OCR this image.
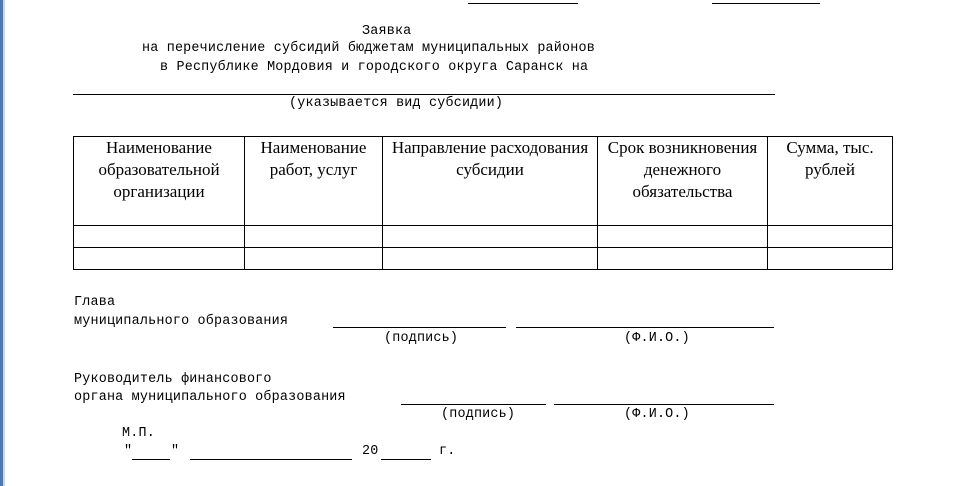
Заявка
на перечисление субсидий бюджетам муниципальных районов
в Республике Мордовия и городского округа Саранск на
(указывается вид субсидии)
Наименование образовательной организации	Наименование работ, услуг	Направление расходования субсидии	Срок возникновения денежного обязательства	Сумма, тыс. рублей

Глава
муниципального образования
(подпись)	(Ф.И.О.)
Руководитель финансового
органа муниципального образования
(подпись)	(Ф.И.О.)
М.П.
"	"	20	г.
